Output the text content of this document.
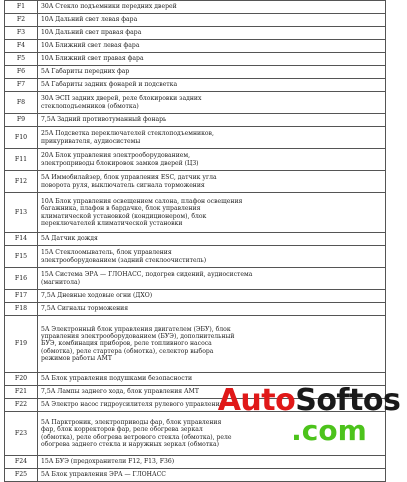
F1	30А Стекло подъемники передних дверей
F2	10А Дальний свет левая фара
F3	10А Дальний свет правая фара
F4	10А Ближний свет левая фара
F5	10А Ближний свет правая фара
F6	5А Габариты передних фар
F7	5А Габариты задних фонарей и подсветка
F8	30А ЭСП задних дверей, реле блокировки задних
стеклоподъемников (обмотка)
F9	7,5А Задний противотуманный фонарь
F10	25А Подсветка переключателей стеклоподъемников,
прикуривателя, аудиосистемы
F11	20А Блок управления электрооборудованием,
электроприводы блокировок замков дверей (ЦЗ)
F12	5А Иммобилайзер, блок управления ESC, датчик угла
поворота руля, выключатель сигнала торможения
F13	10А Блок управления освещением салона, плафон освещения
багажника, плафон в бардачке, блок управления
климатической установкой (кондиционером), блок
переключателей климатической установки
F14	5А Датчик дождя
F15	15А Стеклоомыватель, блок управления
электрооборудованием (задний стеклоочиститель)
F16	15А Система ЭРА — ГЛОНАСС, подогрев сидений, аудиосистема
(магнитола)
F17	7,5А Дневные ходовые огни (ДХО)
F18	7,5А Сигналы торможения
F19	5А Электронный блок управления двигателем (ЭБУ), блок
управления электрооборудованием (БУЭ), дополнительный
БУЭ, комбинация приборов, реле топливного насоса
(обмотка), реле стартера (обмотка), селектор выбора
режимов работы АМТ
F20	5А Блок управления подушками безопасности
F21	7,5А Лампы заднего хода, блок управления АМТ
F22	5А Электро насос гидроусилителя рулевого управления
F23	5А Парктроник, электроприводы фар, блок управления
фар, блок корректоров фар, реле обогрева зеркал
(обмотка), реле обогрева ветрового стекла (обмотка), реле
обогрева заднего стекла и наружных зеркал (обмотка)
F24	15А БУЭ (предохранители F12, F13, F36)
F25	5А Блок управления ЭРА — ГЛОНАСС
AutoSoftos
.com
